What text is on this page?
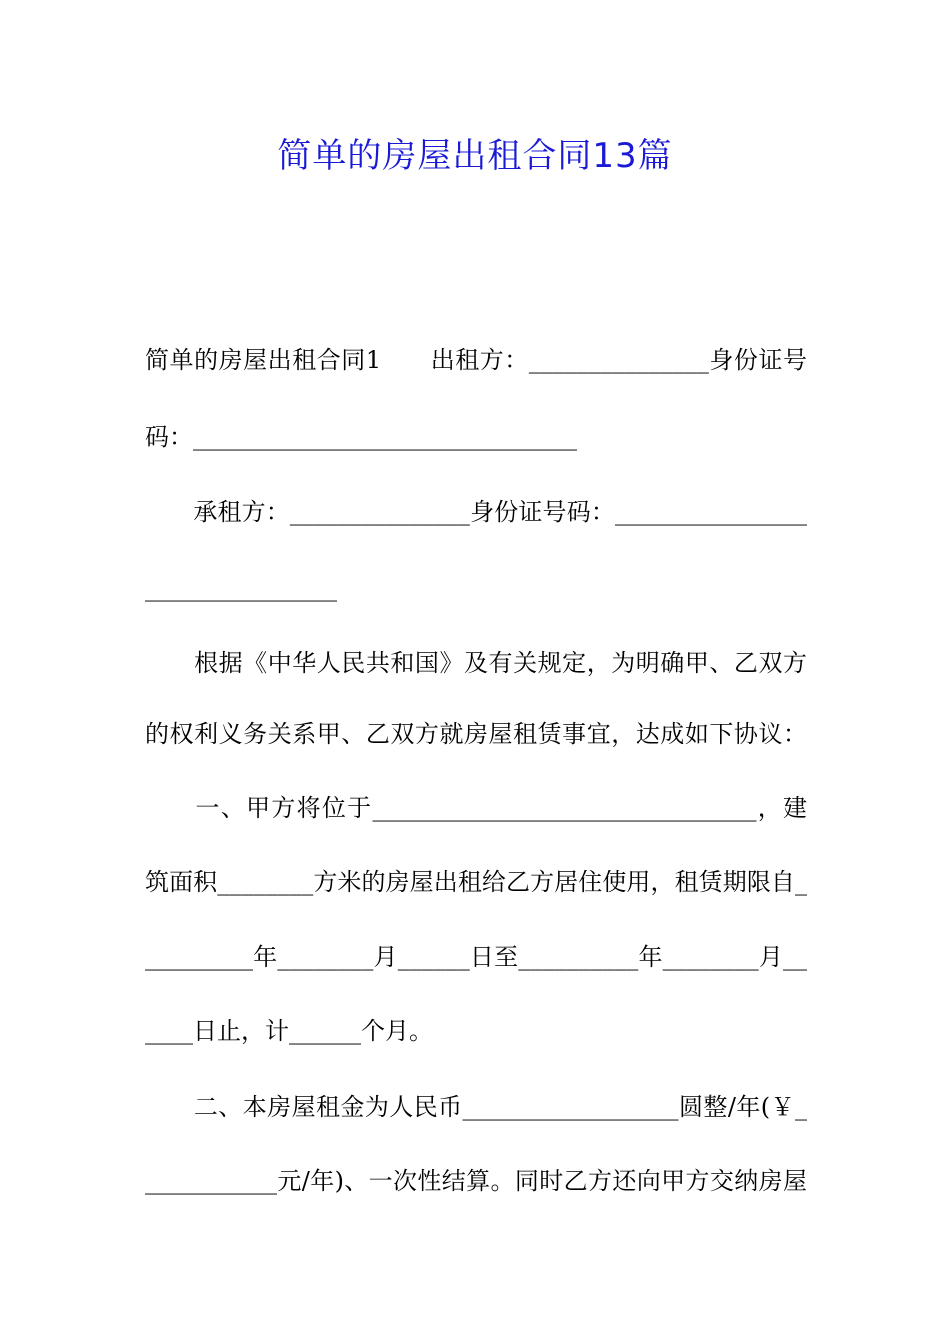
简单的房屋出租合同13篇
简单的房屋出租合同1　　出租方：_______________身份证号
码：________________________________
　　承租方：_______________身份证号码：________________
________________
　　根据《中华人民共和国》及有关规定，为明确甲、乙双方
的权利义务关系甲、乙双方就房屋租赁事宜，达成如下协议：
　　一、甲方将位于________________________________，建
筑面积________方米的房屋出租给乙方居住使用，租赁期限自_
_________年________月______日至__________年________月__
____日止，计______个月。
　　二、本房屋租金为人民币__________________圆整/年(￥_
___________元/年)、一次性结算。同时乙方还向甲方交纳房屋
